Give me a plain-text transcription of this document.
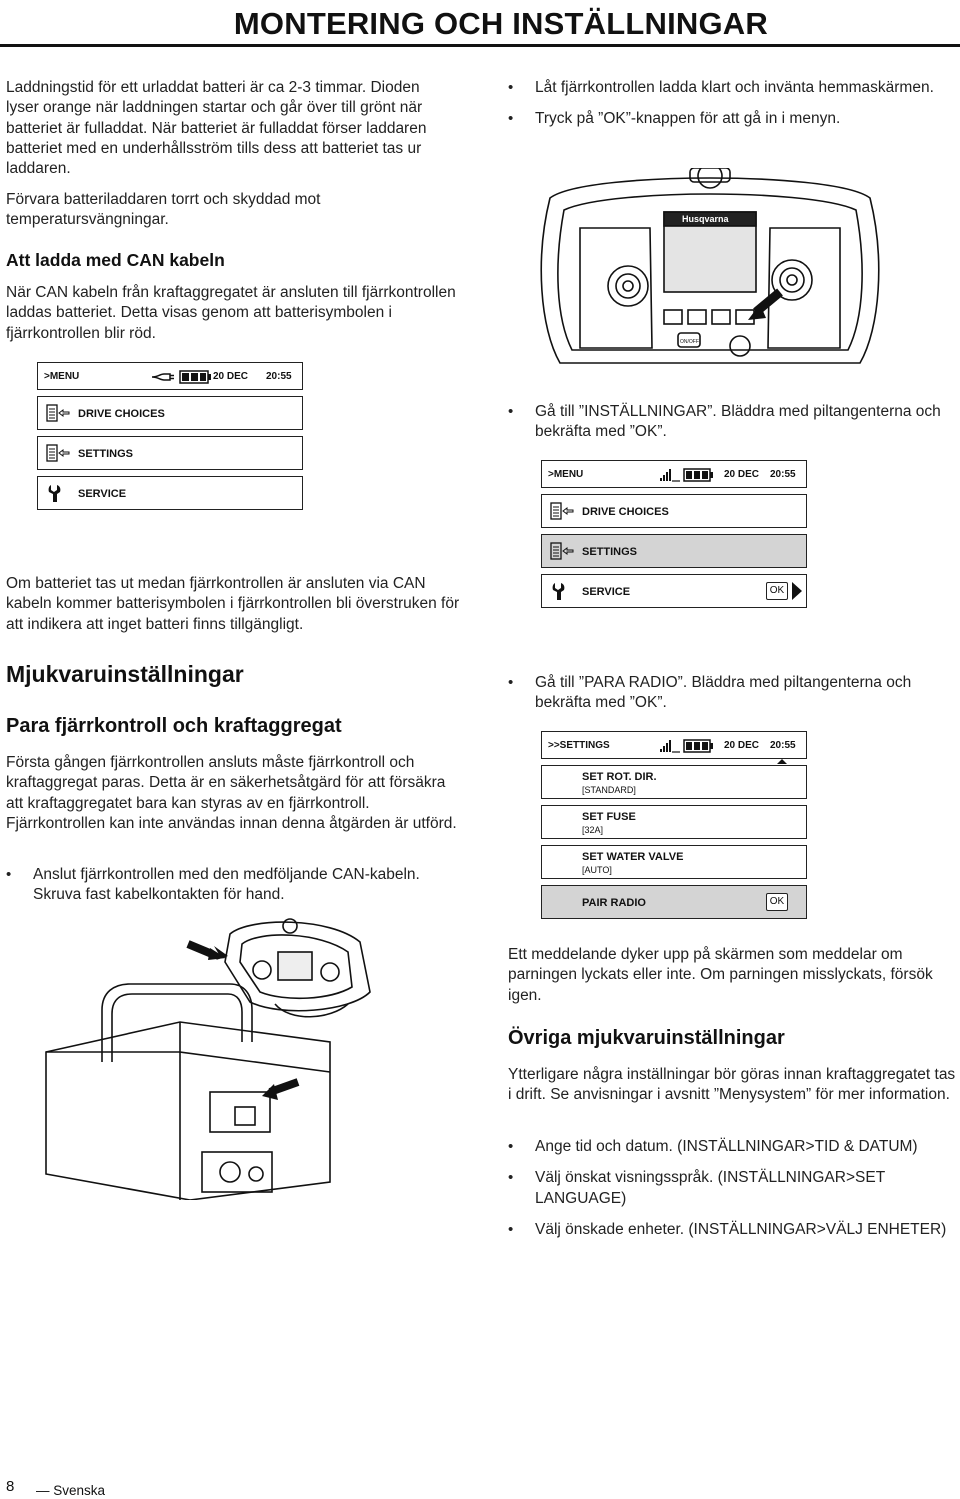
MONTERING OCH INSTÄLLNINGAR
Laddningstid för ett urladdat batteri är ca 2-3 timmar. Dioden lyser orange när laddningen startar och går över till grönt när batteriet är fulladdat. När batteriet är fulladdat förser laddaren batteriet med en underhållsström tills dess att batteriet tas ur laddaren.
Förvara batteriladdaren torrt och skyddad mot temperatursvängningar.
Att ladda med CAN kabeln
När CAN kabeln från kraftaggregatet är ansluten till fjärrkontrollen laddas batteriet. Detta visas genom att batterisymbolen i fjärrkontrollen blir röd.
>MENU	20 DEC 20:55
DRIVE CHOICES
SETTINGS
SERVICE
Om batteriet tas ut medan fjärrkontrollen är ansluten via CAN kabeln kommer batterisymbolen i fjärrkontrollen bli överstruken för att indikera att inget batteri finns tillgängligt.
Mjukvaruinställningar
Para fjärrkontroll och kraftaggregat
Första gången fjärrkontrollen ansluts måste fjärrkontroll och kraftaggregat paras. Detta är en säkerhetsåtgärd för att försäkra att kraftaggregatet bara kan styras av en fjärrkontroll. Fjärrkontrollen kan inte användas innan denna åtgärden är utförd.
• Anslut fjärrkontrollen med den medföljande CAN-kabeln. Skruva fast kabelkontakten för hand.
• Låt fjärrkontrollen ladda klart och invänta hemmaskärmen.
• Tryck på ”OK”-knappen för att gå in i menyn.
Husqvarna
ON/OFF
• Gå till ”INSTÄLLNINGAR”. Bläddra med piltangenterna och bekräfta med ”OK”.
>MENU	20 DEC 20:55
DRIVE CHOICES
SETTINGS
SERVICE	OK
• Gå till ”PARA RADIO”. Bläddra med piltangenterna och bekräfta med ”OK”.
>>SETTINGS	20 DEC 20:55
SET ROT. DIR.
[STANDARD]
SET FUSE
[32A]
SET WATER VALVE
[AUTO]
PAIR RADIO	OK
Ett meddelande dyker upp på skärmen som meddelar om parningen lyckats eller inte. Om parningen misslyckats, försök igen.
Övriga mjukvaruinställningar
Ytterligare några inställningar bör göras innan kraftaggregatet tas i drift. Se anvisningar i avsnitt ”Menysystem” för mer information.
• Ange tid och datum. (INSTÄLLNINGAR>TID & DATUM)
• Välj önskat visningsspråk. (INSTÄLLNINGAR>SET LANGUAGE)
• Välj önskade enheter. (INSTÄLLNINGAR>VÄLJ ENHETER)
8 — Svenska
